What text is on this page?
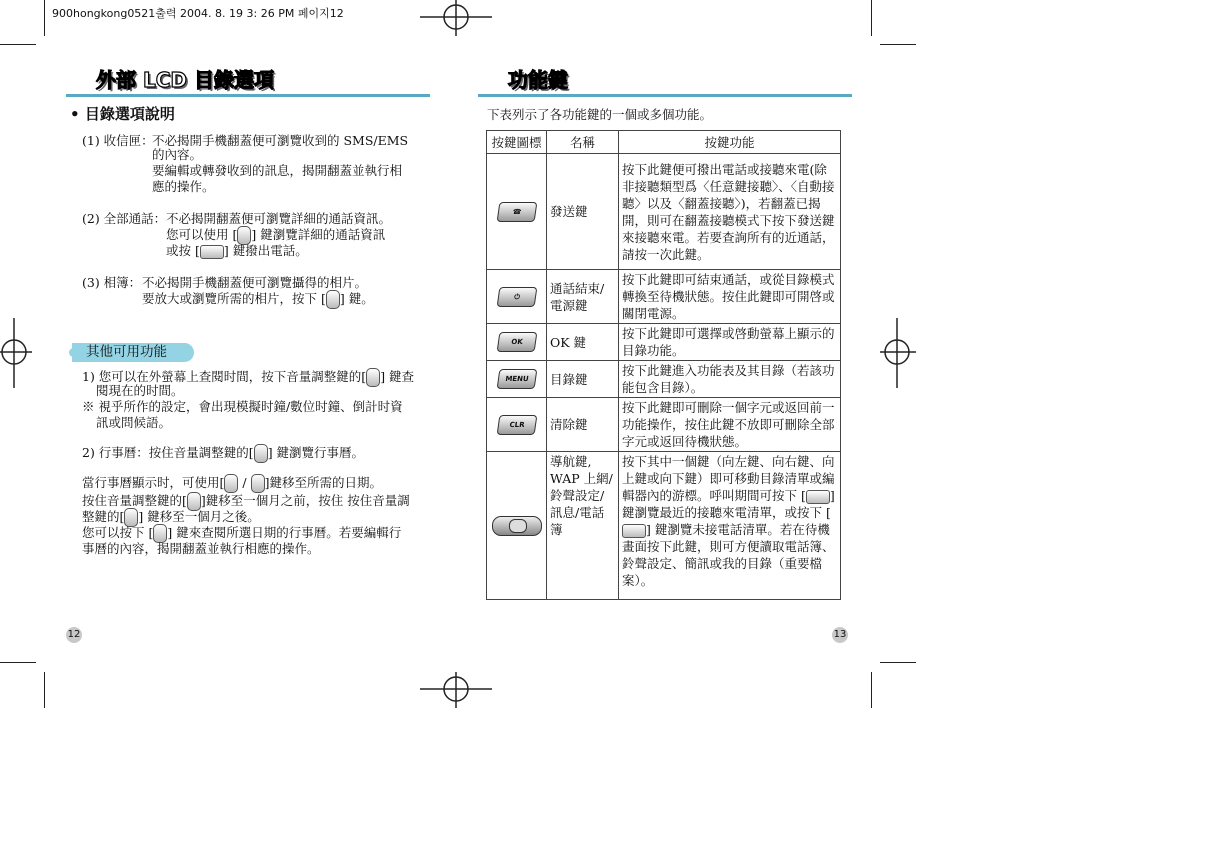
900hongkong0521출력 2004. 8. 19 3: 26 PM 페이지12
外部 LCD 目錄選項
• 目錄選項說明
(1) 收信匣：
不必揭開手機翻蓋便可瀏覽收到的 SMS/EMS
的內容。
要編輯或轉發收到的訊息，揭開翻蓋並執行相
應的操作。
(2) 全部通話： 不必揭開翻蓋便可瀏覽詳細的通話資訊。
您可以使用 [ ] 鍵瀏覽詳細的通話資訊
或按 [ ] 鍵撥出電話。
(3) 相簿： 不必揭開手機翻蓋便可瀏覽攝得的相片。
要放大或瀏覽所需的相片，按下 [ ] 鍵。
其他可用功能
1) 您可以在外螢幕上查閱时間，按下音量調整鍵的[ ] 鍵查
閱現在的时間。
※ 視乎所作的設定，會出現模擬时鐘/數位时鐘、倒計时資
訊或問候語。
2) 行事曆：按住音量調整鍵的[ ] 鍵瀏覽行事曆。
當行事曆顯示时，可使用[ / ]鍵移至所需的日期。
按住音量調整鍵的[ ]鍵移至一個月之前，按住 按住音量調
整鍵的[ ] 鍵移至一個月之後。
您可以按下 [ ] 鍵來查閱所選日期的行事曆。若要編輯行
事曆的內容，揭開翻蓋並執行相應的操作。
12
功能鍵
下表列示了各功能鍵的一個或多個功能。
按鍵圖標	名稱	按鍵功能

☎	發送鍵	按下此鍵便可撥出電話或接聽來電(除非接聽類型爲〈任意鍵接聽〉、〈自動接聽〉以及〈翻蓋接聽〉)，若翻蓋已揭開，則可在翻蓋接聽模式下按下發送鍵來接聽來電。若要查詢所有的近通話，請按一次此鍵。

⏻	通話結束/電源鍵	按下此鍵即可結束通話，或從目錄模式轉換至待機狀態。按住此鍵即可開啓或關閉電源。

OK	OK 鍵	按下此鍵即可選擇或啓動螢幕上顯示的目錄功能。

MENU	目錄鍵	按下此鍵進入功能表及其目錄（若該功能包含目錄）。

CLR	清除鍵	按下此鍵即可刪除一個字元或返回前一功能操作，按住此鍵不放即可刪除全部字元或返回待機狀態。

	導航鍵, WAP 上網/鈴聲設定/訊息/電話簿	按下其中一個鍵（向左鍵、向右鍵、向上鍵或向下鍵）即可移動目錄清單或編輯器內的游標。呼叫期間可按下 [ ] 鍵瀏覽最近的接聽來電清單，或按下 [] 鍵瀏覽未接電話清單。若在待機畫面按下此鍵，則可方便讀取電話簿、鈴聲設定、簡訊或我的目錄（重要檔案）。
13
